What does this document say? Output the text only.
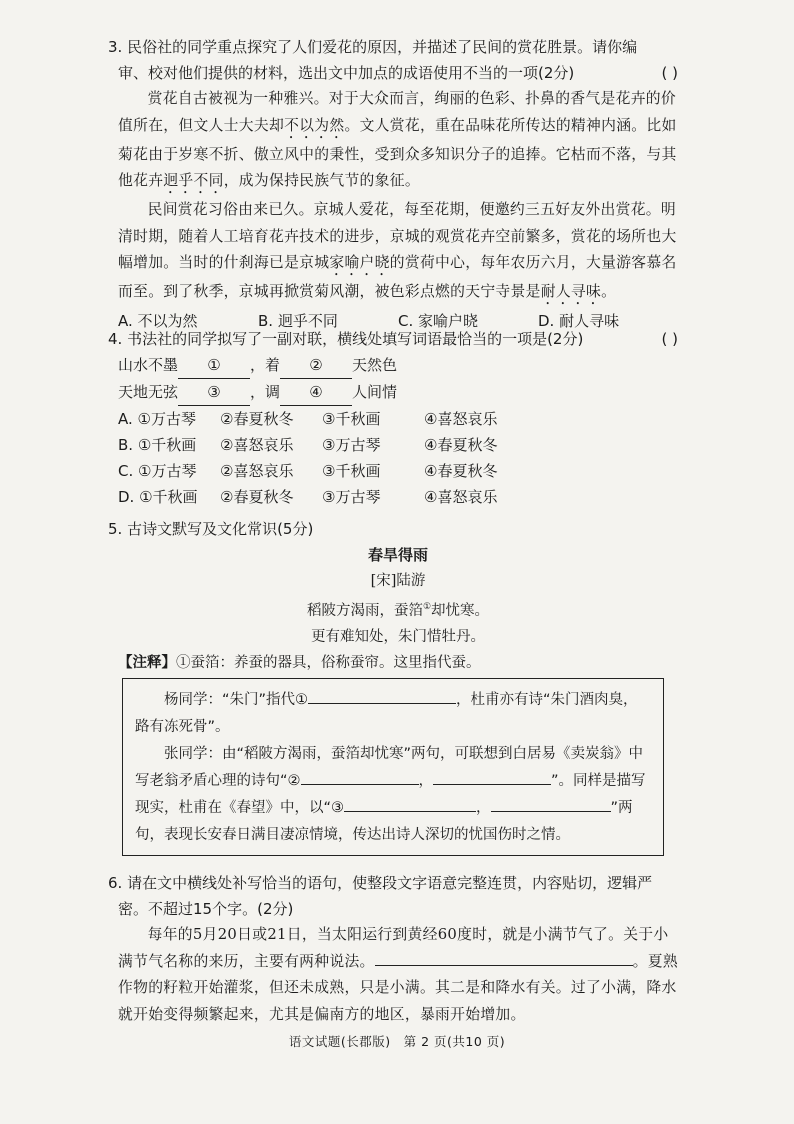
( )
3. 民俗社的同学重点探究了人们爱花的原因，并描述了民间的赏花胜景。请你编审、校对他们提供的材料，选出文中加点的成语使用不当的一项(2分)

赏花自古被视为一种雅兴。对于大众而言，绚丽的色彩、扑鼻的香气是花卉的价值所在，但文人士大夫却不以为然。文人赏花，重在品味花所传达的精神内涵。比如菊花由于岁寒不折、傲立风中的秉性，受到众多知识分子的追捧。它枯而不落，与其他花卉迥乎不同，成为保持民族气节的象征。

民间赏花习俗由来已久。京城人爱花，每至花期，便邀约三五好友外出赏花。明清时期，随着人工培育花卉技术的进步，京城的观赏花卉空前繁多，赏花的场所也大幅增加。当时的什刹海已是京城家喻户晓的赏荷中心，每年农历六月，大量游客慕名而至。到了秋季，京城再掀赏菊风潮，被色彩点燃的天宁寺景是耐人寻味。

A. 不以为然	B. 迥乎不同	C. 家喻户晓	D. 耐人寻味
( )
4. 书法社的同学拟写了一副对联，横线处填写词语最恰当的一项是(2分)
山水不墨 ① ，着 ② 天然色
天地无弦 ③ ，调 ④ 人间情
A. ①万古琴	②春夏秋冬	③千秋画	④喜怒哀乐
B. ①千秋画	②喜怒哀乐	③万古琴	④春夏秋冬
C. ①万古琴	②喜怒哀乐	③千秋画	④春夏秋冬
D. ①千秋画	②春夏秋冬	③万古琴	④喜怒哀乐
5. 古诗文默写及文化常识(5分)
春旱得雨
[宋]陆游
稻陂方渴雨，蚕箔①却忧寒。
更有难知处，朱门惜牡丹。
【注释】①蚕箔：养蚕的器具，俗称蚕帘。这里指代蚕。

杨同学：“朱门”指代①	，杜甫亦有诗“朱门酒肉臭，路有冻死骨”。

张同学：由“稻陂方渴雨，蚕箔却忧寒”两句，可联想到白居易《卖炭翁》中写老翁矛盾心理的诗句“②	，	”。同样是描写现实，杜甫在《春望》中，以“③	，	”两句，表现长安春日满目凄凉情境，传达出诗人深切的忧国伤时之情。

6. 请在文中横线处补写恰当的语句，使整段文字语意完整连贯，内容贴切，逻辑严密。不超过15个字。(2分)

每年的5月20日或21日，当太阳运行到黄经60度时，就是小满节气了。关于小满节气名称的来历，主要有两种说法。	。夏熟作物的籽粒开始灌浆，但还未成熟，只是小满。其二是和降水有关。过了小满，降水就开始变得频繁起来，尤其是偏南方的地区，暴雨开始增加。

语文试题(长郡版)　第 2 页(共10 页)
